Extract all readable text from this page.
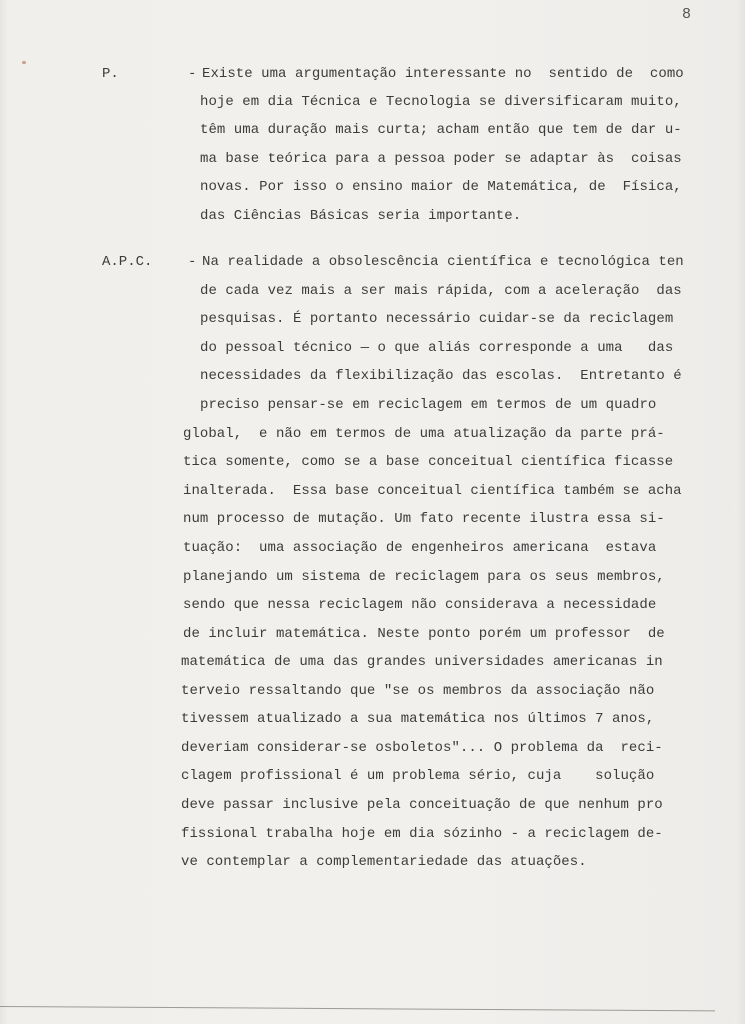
8
P.	- Existe uma argumentação interessante no  sentido de  como
hoje em dia Técnica e Tecnologia se diversificaram muito,
têm uma duração mais curta; acham então que tem de dar u-
ma base teórica para a pessoa poder se adaptar às  coisas
novas. Por isso o ensino maior de Matemática, de  Física,
das Ciências Básicas seria importante.
A.P.C.	- Na realidade a obsolescência científica e tecnológica ten
de cada vez mais a ser mais rápida, com a aceleração  das
pesquisas. É portanto necessário cuidar-se da reciclagem
do pessoal técnico — o que aliás corresponde a uma   das
necessidades da flexibilização das escolas.  Entretanto é
preciso pensar-se em reciclagem em termos de um quadro
global,  e não em termos de uma atualização da parte prá-
tica somente, como se a base conceitual científica ficasse
inalterada.  Essa base conceitual científica também se acha
num processo de mutação. Um fato recente ilustra essa si-
tuação:  uma associação de engenheiros americana  estava
planejando um sistema de reciclagem para os seus membros,
sendo que nessa reciclagem não considerava a necessidade
de incluir matemática. Neste ponto porém um professor  de
matemática de uma das grandes universidades americanas in
terveio ressaltando que "se os membros da associação não
tivessem atualizado a sua matemática nos últimos 7 anos,
deveriam considerar-se osboletos"... O problema da  reci-
clagem profissional é um problema sério, cuja    solução
deve passar inclusive pela conceituação de que nenhum pro
fissional trabalha hoje em dia sózinho - a reciclagem de-
ve contemplar a complementariedade das atuações.
